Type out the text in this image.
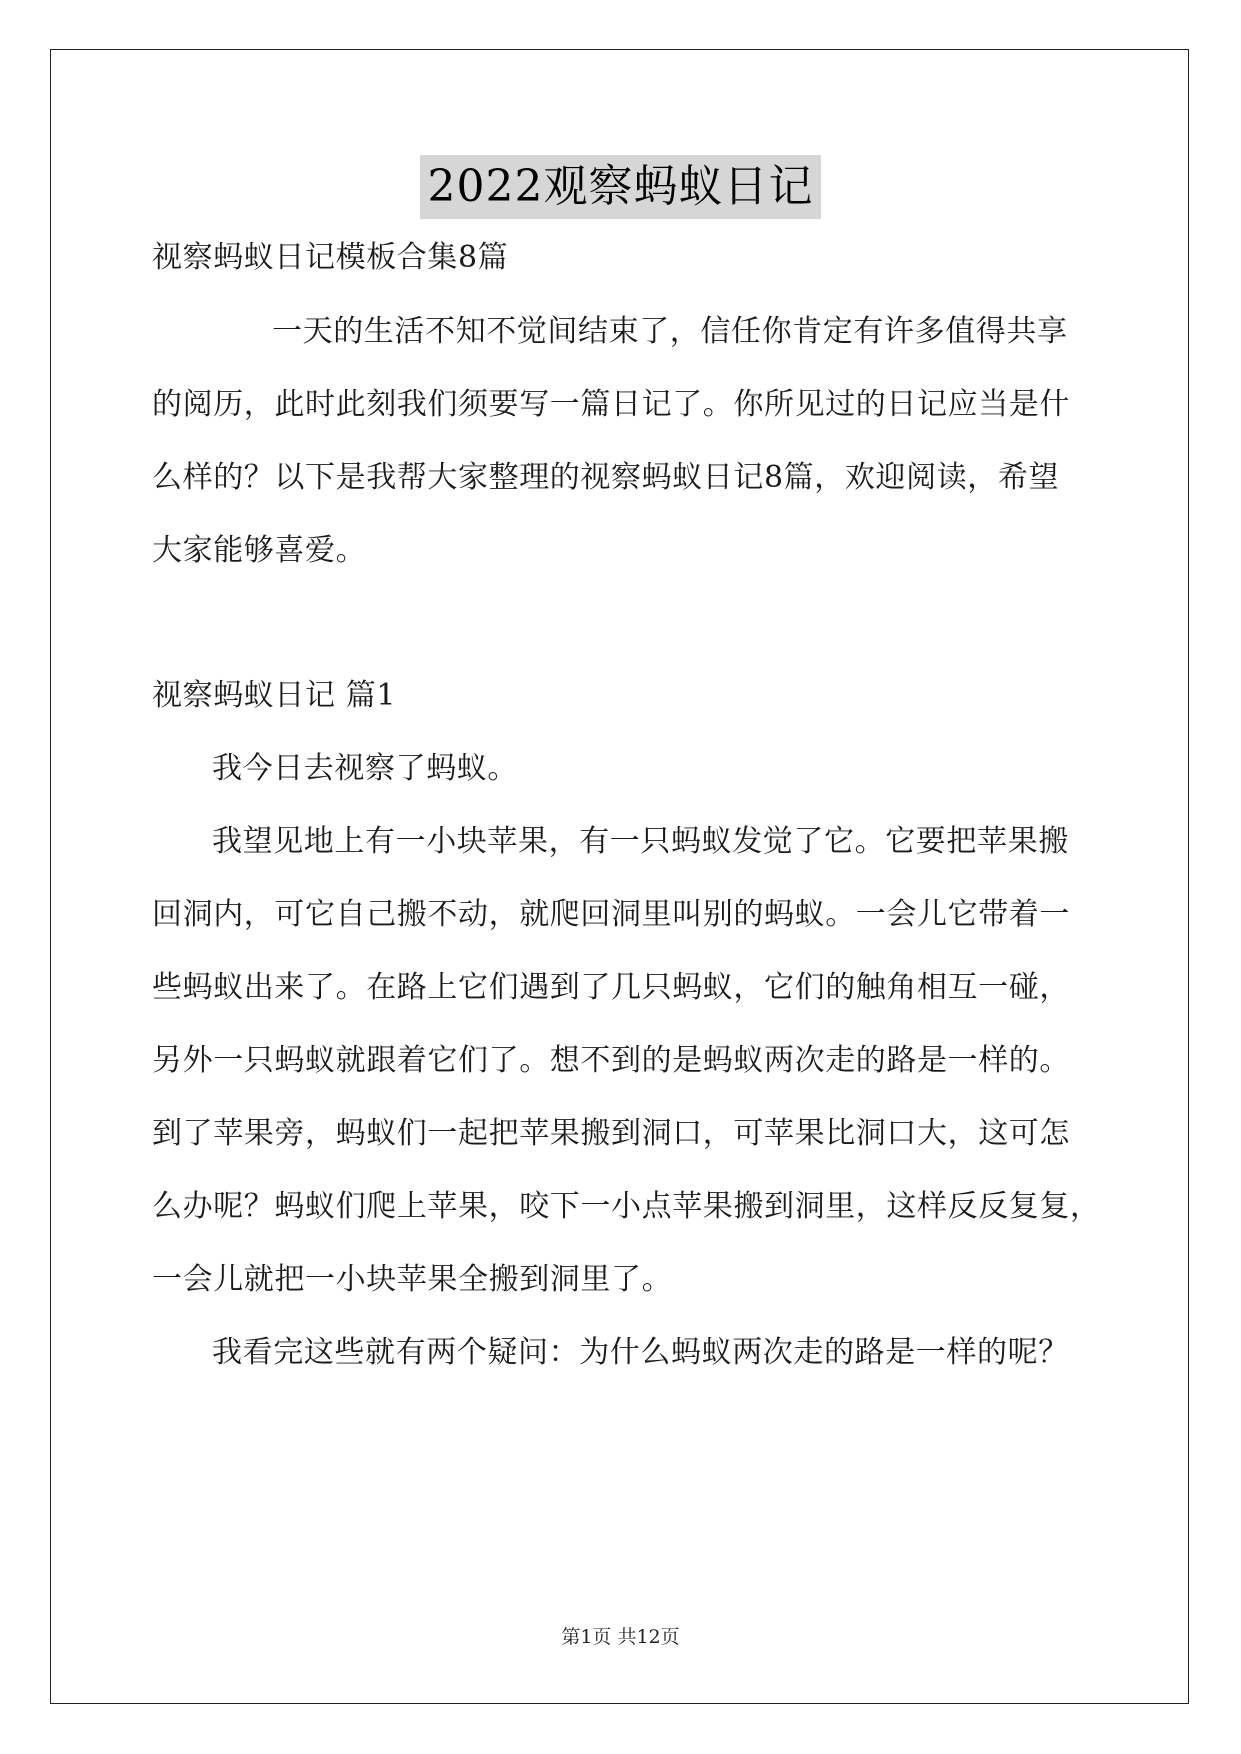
2022观察蚂蚁日记
视察蚂蚁日记模板合集8篇
一天的生活不知不觉间结束了，信任你肯定有许多值得共享
的阅历，此时此刻我们须要写一篇日记了。你所见过的日记应当是什
么样的？以下是我帮大家整理的视察蚂蚁日记8篇，欢迎阅读，希望
大家能够喜爱。
视察蚂蚁日记 篇1
我今日去视察了蚂蚁。
我望见地上有一小块苹果，有一只蚂蚁发觉了它。它要把苹果搬
回洞内，可它自己搬不动，就爬回洞里叫别的蚂蚁。一会儿它带着一
些蚂蚁出来了。在路上它们遇到了几只蚂蚁，它们的触角相互一碰，
另外一只蚂蚁就跟着它们了。想不到的是蚂蚁两次走的路是一样的。
到了苹果旁，蚂蚁们一起把苹果搬到洞口，可苹果比洞口大，这可怎
么办呢？蚂蚁们爬上苹果，咬下一小点苹果搬到洞里，这样反反复复，
一会儿就把一小块苹果全搬到洞里了。
我看完这些就有两个疑问：为什么蚂蚁两次走的路是一样的呢？
第1页 共12页
